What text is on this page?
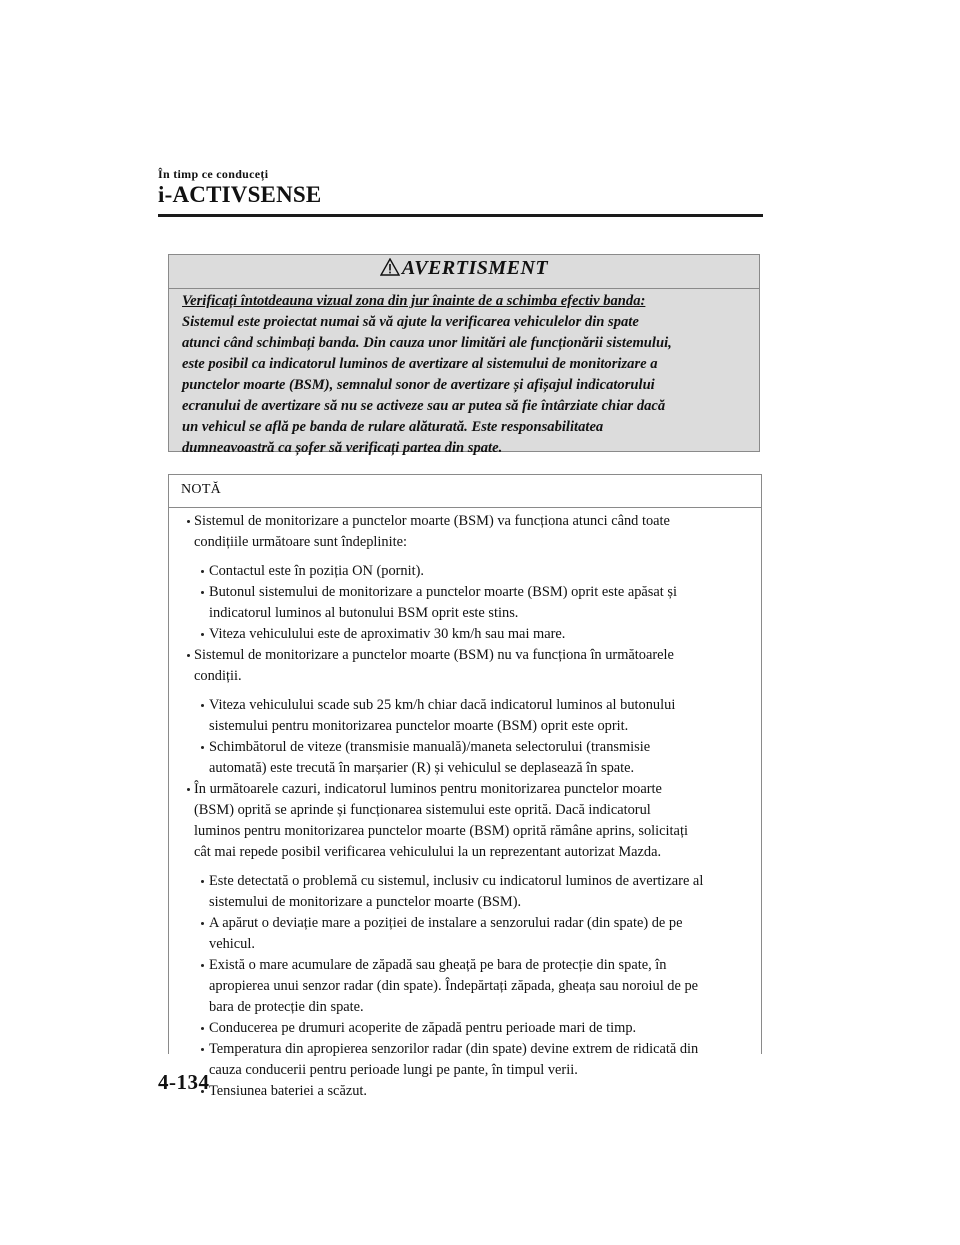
În timp ce conduceți
i-ACTIVSENSE
AVERTISMENT
Verificați întotdeauna vizual zona din jur înainte de a schimba efectiv banda:
Sistemul este proiectat numai să vă ajute la verificarea vehiculelor din spate
atunci când schimbați banda. Din cauza unor limitări ale funcționării sistemului,
este posibil ca indicatorul luminos de avertizare al sistemului de monitorizare a
punctelor moarte (BSM), semnalul sonor de avertizare și afișajul indicatorului
ecranului de avertizare să nu se activeze sau ar putea să fie întârziate chiar dacă
un vehicul se află pe banda de rulare alăturată. Este responsabilitatea
dumneavoastră ca șofer să verificați partea din spate.
NOTĂ
Sistemul de monitorizare a punctelor moarte (BSM) va funcționa atunci când toate
condițiile următoare sunt îndeplinite:
Contactul este în poziția ON (pornit).
Butonul sistemului de monitorizare a punctelor moarte (BSM) oprit este apăsat și
indicatorul luminos al butonului BSM oprit este stins.
Viteza vehiculului este de aproximativ 30 km/h sau mai mare.
Sistemul de monitorizare a punctelor moarte (BSM) nu va funcționa în următoarele
condiții.
Viteza vehiculului scade sub 25 km/h chiar dacă indicatorul luminos al butonului
sistemului pentru monitorizarea punctelor moarte (BSM) oprit este oprit.
Schimbătorul de viteze (transmisie manuală)/maneta selectorului (transmisie
automată) este trecută în marșarier (R) și vehiculul se deplasează în spate.
În următoarele cazuri, indicatorul luminos pentru monitorizarea punctelor moarte
(BSM) oprită se aprinde și funcționarea sistemului este oprită. Dacă indicatorul
luminos pentru monitorizarea punctelor moarte (BSM) oprită rămâne aprins, solicitați
cât mai repede posibil verificarea vehiculului la un reprezentant autorizat Mazda.
Este detectată o problemă cu sistemul, inclusiv cu indicatorul luminos de avertizare al
sistemului de monitorizare a punctelor moarte (BSM).
A apărut o deviație mare a poziției de instalare a senzorului radar (din spate) de pe
vehicul.
Există o mare acumulare de zăpadă sau gheață pe bara de protecție din spate, în
apropierea unui senzor radar (din spate). Îndepărtați zăpada, gheața sau noroiul de pe
bara de protecție din spate.
Conducerea pe drumuri acoperite de zăpadă pentru perioade mari de timp.
Temperatura din apropierea senzorilor radar (din spate) devine extrem de ridicată din
cauza conducerii pentru perioade lungi pe pante, în timpul verii.
Tensiunea bateriei a scăzut.
4-134
